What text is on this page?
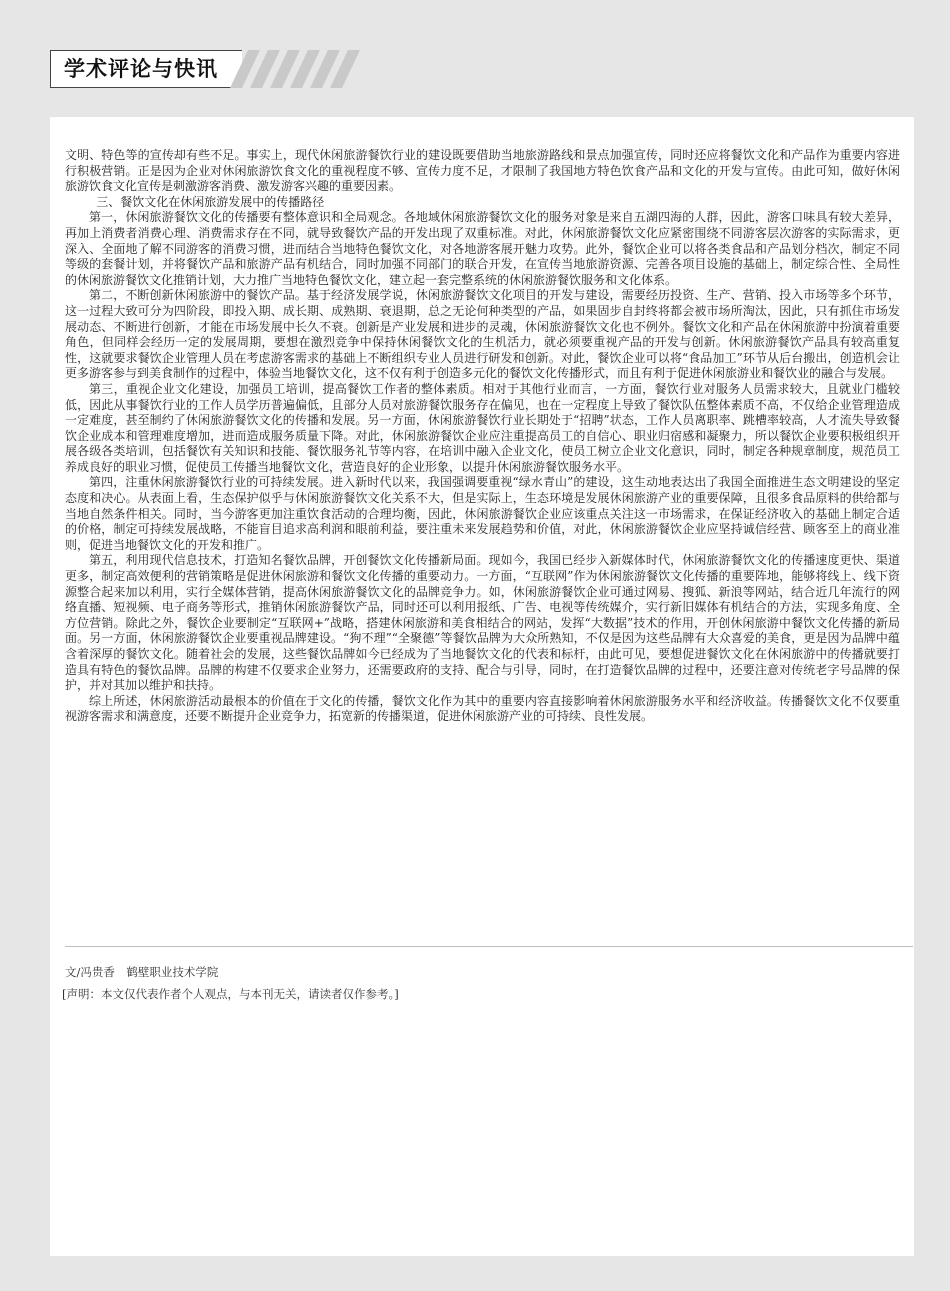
学术评论与快讯

文明、特色等的宣传却有些不足。事实上，现代休闲旅游餐饮行业的建设既要借助当地旅游路线和景点加强宣传，同时还应将餐饮文化和产品作为重要内容进行积极营销。正是因为企业对休闲旅游饮食文化的重视程度不够、宣传力度不足，才限制了我国地方特色饮食产品和文化的开发与宣传。由此可知，做好休闲旅游饮食文化宣传是刺激游客消费、激发游客兴趣的重要因素。

三、餐饮文化在休闲旅游发展中的传播路径

第一，休闲旅游餐饮文化的传播要有整体意识和全局观念。各地域休闲旅游餐饮文化的服务对象是来自五湖四海的人群，因此，游客口味具有较大差异，再加上消费者消费心理、消费需求存在不同，就导致餐饮产品的开发出现了双重标准。对此，休闲旅游餐饮文化应紧密围绕不同游客层次游客的实际需求，更深入、全面地了解不同游客的消费习惯，进而结合当地特色餐饮文化，对各地游客展开魅力攻势。此外，餐饮企业可以将各类食品和产品划分档次，制定不同等级的套餐计划，并将餐饮产品和旅游产品有机结合，同时加强不同部门的联合开发，在宣传当地旅游资源、完善各项目设施的基础上，制定综合性、全局性的休闲旅游餐饮文化推销计划，大力推广当地特色餐饮文化，建立起一套完整系统的休闲旅游餐饮服务和文化体系。

第二，不断创新休闲旅游中的餐饮产品。基于经济发展学说，休闲旅游餐饮文化项目的开发与建设，需要经历投资、生产、营销、投入市场等多个环节，这一过程大致可分为四阶段，即投入期、成长期、成熟期、衰退期，总之无论何种类型的产品，如果固步自封终将都会被市场所淘汰，因此，只有抓住市场发展动态、不断进行创新，才能在市场发展中长久不衰。创新是产业发展和进步的灵魂，休闲旅游餐饮文化也不例外。餐饮文化和产品在休闲旅游中扮演着重要角色，但同样会经历一定的发展周期，要想在激烈竞争中保持休闲餐饮文化的生机活力，就必须要重视产品的开发与创新。休闲旅游餐饮产品具有较高重复性，这就要求餐饮企业管理人员在考虑游客需求的基础上不断组织专业人员进行研发和创新。对此，餐饮企业可以将“食品加工”环节从后台搬出，创造机会让更多游客参与到美食制作的过程中，体验当地餐饮文化，这不仅有利于创造多元化的餐饮文化传播形式，而且有利于促进休闲旅游业和餐饮业的融合与发展。

第三，重视企业文化建设，加强员工培训，提高餐饮工作者的整体素质。相对于其他行业而言，一方面，餐饮行业对服务人员需求较大，且就业门槛较低，因此从事餐饮行业的工作人员学历普遍偏低，且部分人员对旅游餐饮服务存在偏见，也在一定程度上导致了餐饮队伍整体素质不高，不仅给企业管理造成一定难度，甚至制约了休闲旅游餐饮文化的传播和发展。另一方面，休闲旅游餐饮行业长期处于“招聘”状态，工作人员离职率、跳槽率较高，人才流失导致餐饮企业成本和管理难度增加，进而造成服务质量下降。对此，休闲旅游餐饮企业应注重提高员工的自信心、职业归宿感和凝聚力，所以餐饮企业要积极组织开展各级各类培训，包括餐饮有关知识和技能、餐饮服务礼节等内容，在培训中融入企业文化，使员工树立企业文化意识，同时，制定各种规章制度，规范员工养成良好的职业习惯，促使员工传播当地餐饮文化，营造良好的企业形象，以提升休闲旅游餐饮服务水平。

第四，注重休闲旅游餐饮行业的可持续发展。进入新时代以来，我国强调要重视“绿水青山”的建设，这生动地表达出了我国全面推进生态文明建设的坚定态度和决心。从表面上看，生态保护似乎与休闲旅游餐饮文化关系不大，但是实际上，生态环境是发展休闲旅游产业的重要保障，且很多食品原料的供给都与当地自然条件相关。同时，当今游客更加注重饮食活动的合理均衡，因此，休闲旅游餐饮企业应该重点关注这一市场需求，在保证经济收入的基础上制定合适的价格，制定可持续发展战略，不能盲目追求高利润和眼前利益，要注重未来发展趋势和价值，对此，休闲旅游餐饮企业应坚持诚信经营、顾客至上的商业准则，促进当地餐饮文化的开发和推广。

第五，利用现代信息技术，打造知名餐饮品牌，开创餐饮文化传播新局面。现如今，我国已经步入新媒体时代，休闲旅游餐饮文化的传播速度更快、渠道更多，制定高效便利的营销策略是促进休闲旅游和餐饮文化传播的重要动力。一方面，“互联网”作为休闲旅游餐饮文化传播的重要阵地，能够将线上、线下资源整合起来加以利用，实行全媒体营销，提高休闲旅游餐饮文化的品牌竞争力。如，休闲旅游餐饮企业可通过网易、搜狐、新浪等网站，结合近几年流行的网络直播、短视频、电子商务等形式，推销休闲旅游餐饮产品，同时还可以利用报纸、广告、电视等传统媒介，实行新旧媒体有机结合的方法，实现多角度、全方位营销。除此之外，餐饮企业要制定“互联网+”战略，搭建休闲旅游和美食相结合的网站，发挥“大数据”技术的作用，开创休闲旅游中餐饮文化传播的新局面。另一方面，休闲旅游餐饮企业要重视品牌建设。“狗不理”“全聚德”等餐饮品牌为大众所熟知，不仅是因为这些品牌有大众喜爱的美食，更是因为品牌中蕴含着深厚的餐饮文化。随着社会的发展，这些餐饮品牌如今已经成为了当地餐饮文化的代表和标杆，由此可见，要想促进餐饮文化在休闲旅游中的传播就要打造具有特色的餐饮品牌。品牌的构建不仅要求企业努力，还需要政府的支持、配合与引导，同时，在打造餐饮品牌的过程中，还要注意对传统老字号品牌的保护，并对其加以维护和扶持。

综上所述，休闲旅游活动最根本的价值在于文化的传播，餐饮文化作为其中的重要内容直接影响着休闲旅游服务水平和经济收益。传播餐饮文化不仅要重视游客需求和满意度，还要不断提升企业竞争力，拓宽新的传播渠道，促进休闲旅游产业的可持续、良性发展。

文/冯贵香　鹤壁职业技术学院
[声明：本文仅代表作者个人观点，与本刊无关，请读者仅作参考。]
